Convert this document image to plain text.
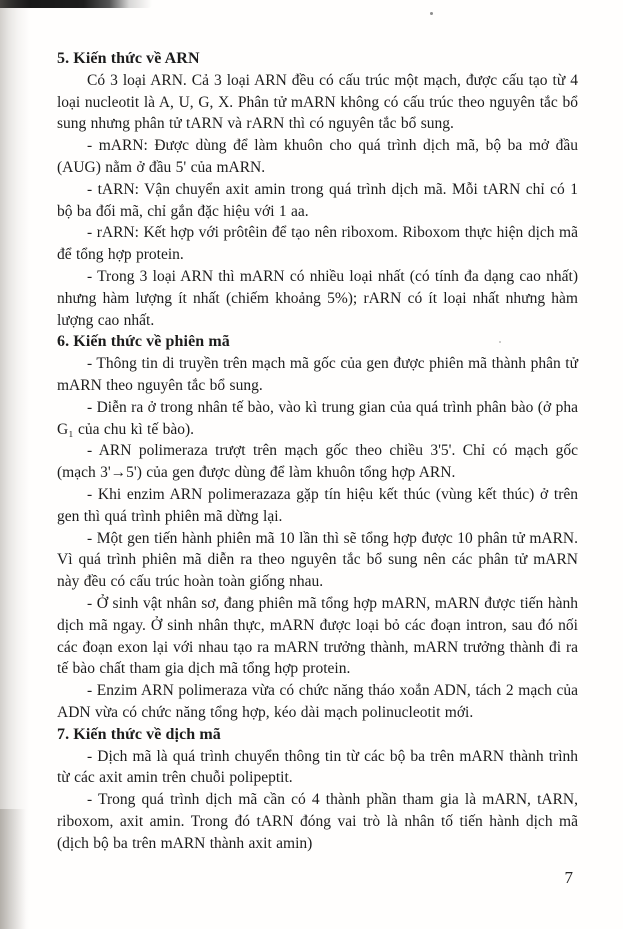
5. Kiến thức về ARN

Có 3 loại ARN. Cả 3 loại ARN đều có cấu trúc một mạch, được cấu tạo từ 4 loại nucleotit là A, U, G, X. Phân tử mARN không có cấu trúc theo nguyên tắc bổ sung nhưng phân tử tARN và rARN thì có nguyên tắc bổ sung.

- mARN: Được dùng để làm khuôn cho quá trình dịch mã, bộ ba mở đầu (AUG) nằm ở đầu 5' của mARN.

- tARN: Vận chuyển axit amin trong quá trình dịch mã. Mỗi tARN chỉ có 1 bộ ba đối mã, chỉ gắn đặc hiệu với 1 aa.

- rARN: Kết hợp với prôtêin để tạo nên riboxom. Riboxom thực hiện dịch mã để tổng hợp protein.

- Trong 3 loại ARN thì mARN có nhiều loại nhất (có tính đa dạng cao nhất) nhưng hàm lượng ít nhất (chiếm khoảng 5%); rARN có ít loại nhất nhưng hàm lượng cao nhất.

6. Kiến thức về phiên mã

- Thông tin di truyền trên mạch mã gốc của gen được phiên mã thành phân tử mARN theo nguyên tắc bổ sung.

- Diễn ra ở trong nhân tế bào, vào kì trung gian của quá trình phân bào (ở pha G₁ của chu kì tế bào).

- ARN polimeraza trượt trên mạch gốc theo chiều 3'5'. Chỉ có mạch gốc (mạch 3'→5') của gen được dùng để làm khuôn tổng hợp ARN.

- Khi enzim ARN polimerazaza gặp tín hiệu kết thúc (vùng kết thúc) ở trên gen thì quá trình phiên mã dừng lại.

- Một gen tiến hành phiên mã 10 lần thì sẽ tổng hợp được 10 phân tử mARN. Vì quá trình phiên mã diễn ra theo nguyên tắc bổ sung nên các phân tử mARN này đều có cấu trúc hoàn toàn giống nhau.

- Ở sinh vật nhân sơ, đang phiên mã tổng hợp mARN, mARN được tiến hành dịch mã ngay. Ở sinh nhân thực, mARN được loại bỏ các đoạn intron, sau đó nối các đoạn exon lại với nhau tạo ra mARN trưởng thành, mARN trưởng thành đi ra tế bào chất tham gia dịch mã tổng hợp protein.

- Enzim ARN polimeraza vừa có chức năng tháo xoắn ADN, tách 2 mạch của ADN vừa có chức năng tổng hợp, kéo dài mạch polinucleotit mới.

7. Kiến thức về dịch mã

- Dịch mã là quá trình chuyển thông tin từ các bộ ba trên mARN thành trình từ các axit amin trên chuỗi polipeptit.

- Trong quá trình dịch mã cần có 4 thành phần tham gia là mARN, tARN, riboxom, axit amin. Trong đó tARN đóng vai trò là nhân tố tiến hành dịch mã (dịch bộ ba trên mARN thành axit amin)

7
